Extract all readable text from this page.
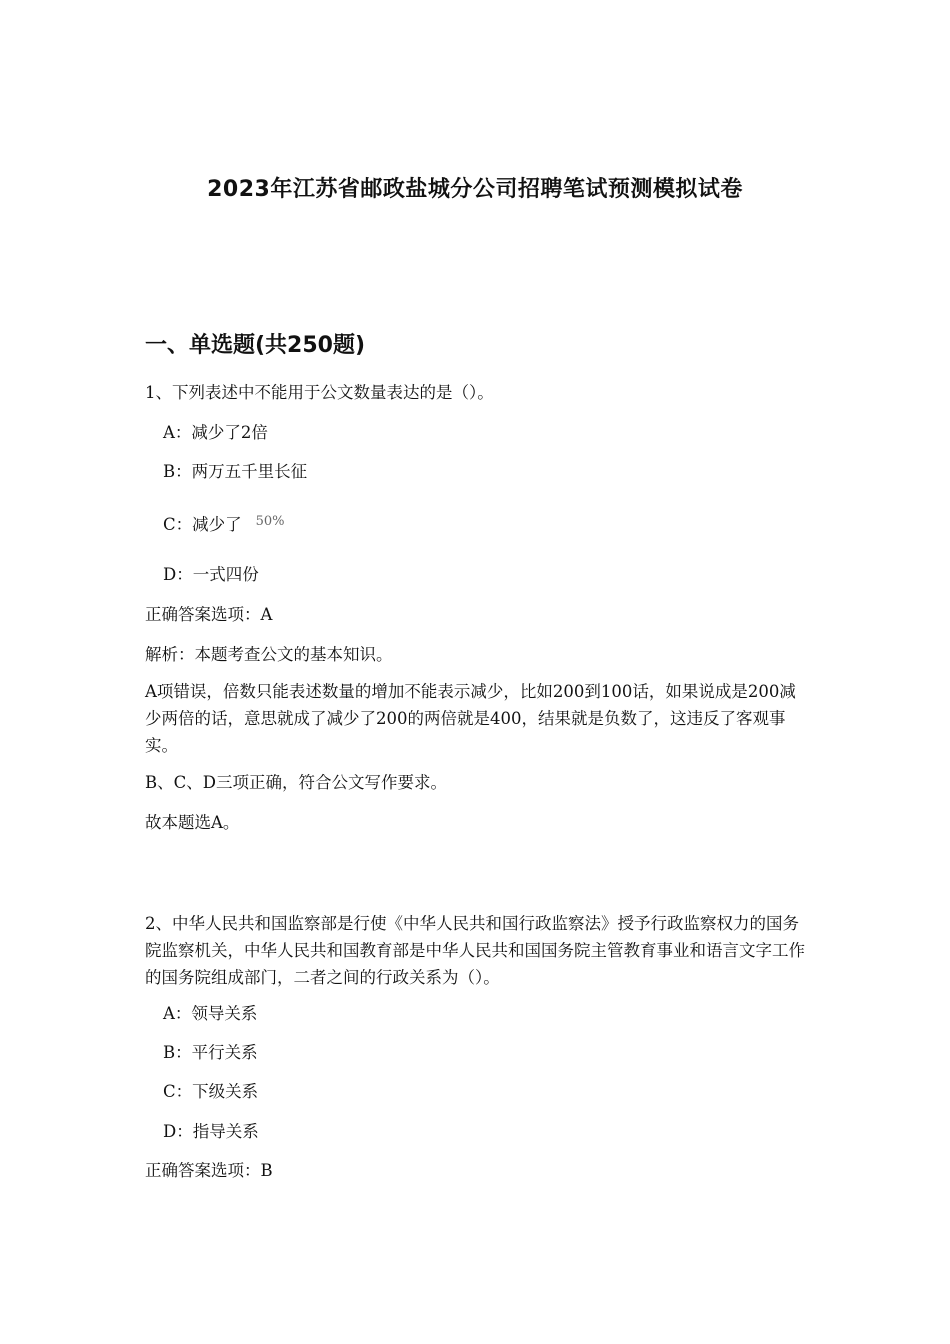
2023年江苏省邮政盐城分公司招聘笔试预测模拟试卷
一、单选题(共250题)
1、下列表述中不能用于公文数量表达的是（）。
A：减少了2倍
B：两万五千里长征
C：减少了 $^{50\%}$
D：一式四份
正确答案选项：A
解析：本题考查公文的基本知识。
A项错误，倍数只能表述数量的增加不能表示减少，比如200到100话，如果说成是200减少两倍的话，意思就成了减少了200的两倍就是400，结果就是负数了，这违反了客观事实。
B、C、D三项正确，符合公文写作要求。
故本题选A。
2、中华人民共和国监察部是行使《中华人民共和国行政监察法》授予行政监察权力的国务院监察机关，中华人民共和国教育部是中华人民共和国国务院主管教育事业和语言文字工作的国务院组成部门，二者之间的行政关系为（）。
A：领导关系
B：平行关系
C：下级关系
D：指导关系
正确答案选项：B
